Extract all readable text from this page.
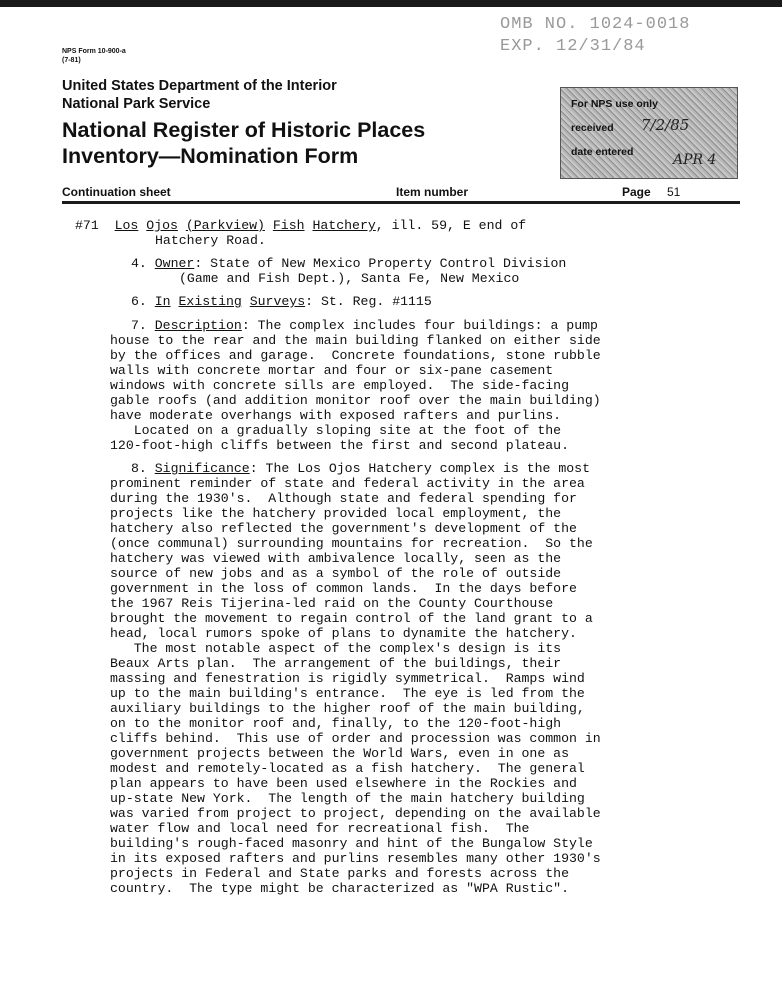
OMB NO. 1024-0018
EXP. 12/31/84
NPS Form 10-900-a
(7-81)
United States Department of the Interior
National Park Service
National Register of Historic Places
Inventory—Nomination Form
For NPS use only
received 7/2/85
date entered	APR 4
Continuation sheet	Item number	Page 51
#71 Los Ojos (Parkview) Fish Hatchery, ill. 59, E end of
Hatchery Road.
4. Owner: State of New Mexico Property Control Division
(Game and Fish Dept.), Santa Fe, New Mexico
6. In Existing Surveys: St. Reg. #1115
7. Description: The complex includes four buildings: a pump
house to the rear and the main building flanked on either side
by the offices and garage.  Concrete foundations, stone rubble
walls with concrete mortar and four or six-pane casement
windows with concrete sills are employed.  The side-facing
gable roofs (and addition monitor roof over the main building)
have moderate overhangs with exposed rafters and purlins.
Located on a gradually sloping site at the foot of the
120-foot-high cliffs between the first and second plateau.
8. Significance: The Los Ojos Hatchery complex is the most
prominent reminder of state and federal activity in the area
during the 1930's.  Although state and federal spending for
projects like the hatchery provided local employment, the
hatchery also reflected the government's development of the
(once communal) surrounding mountains for recreation.  So the
hatchery was viewed with ambivalence locally, seen as the
source of new jobs and as a symbol of the role of outside
government in the loss of common lands.  In the days before
the 1967 Reis Tijerina-led raid on the County Courthouse
brought the movement to regain control of the land grant to a
head, local rumors spoke of plans to dynamite the hatchery.
The most notable aspect of the complex's design is its
Beaux Arts plan.  The arrangement of the buildings, their
massing and fenestration is rigidly symmetrical.  Ramps wind
up to the main building's entrance.  The eye is led from the
auxiliary buildings to the higher roof of the main building,
on to the monitor roof and, finally, to the 120-foot-high
cliffs behind.  This use of order and procession was common in
government projects between the World Wars, even in one as
modest and remotely-located as a fish hatchery.  The general
plan appears to have been used elsewhere in the Rockies and
up-state New York.  The length of the main hatchery building
was varied from project to project, depending on the available
water flow and local need for recreational fish.  The
building's rough-faced masonry and hint of the Bungalow Style
in its exposed rafters and purlins resembles many other 1930's
projects in Federal and State parks and forests across the
country.  The type might be characterized as "WPA Rustic".
